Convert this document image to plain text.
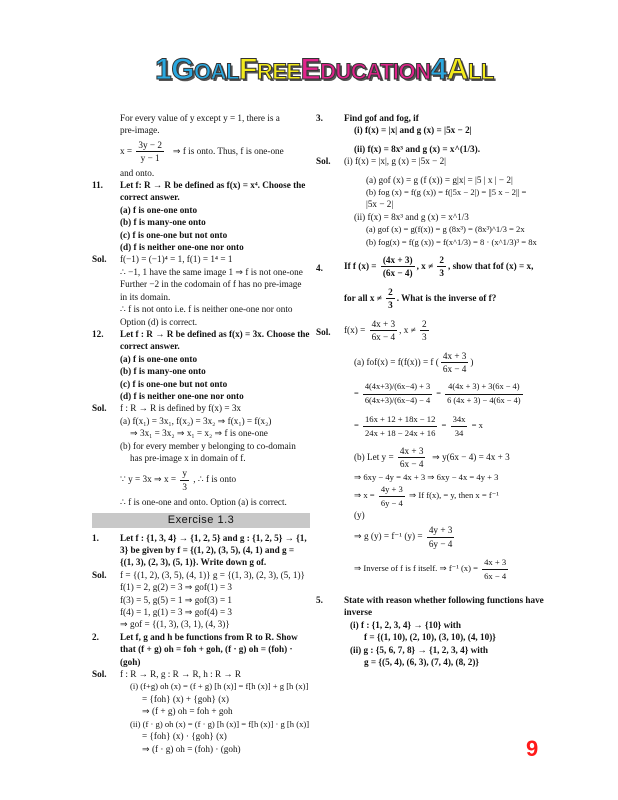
1GOALFREEEDUCATION4ALL
For every value of y except y = 1, there is a
pre-image.
$x = \frac{3y - 2}{y - 1}$ ⇒ f is onto. Thus, f is one-one
and onto.
11.	Let f: R → R be defined as f(x) = x⁴. Choose the correct answer.
(a) f is one-one onto
(b) f is many-one onto
(c) f is one-one but not onto
(d) f is neither one-one nor onto
Sol.	f(−1) = (−1)⁴ = 1, f(1) = 1⁴ = 1
∴ −1, 1 have the same image 1 ⇒ f is not one-one
Further −2 in the codomain of f has no pre-image in its domain.
∴ f is not onto i.e. f is neither one-one nor onto
Option (d) is correct.
12.	Let f : R → R be defined as f(x) = 3x. Choose the correct answer.
(a) f is one-one onto
(b) f is many-one onto
(c) f is one-one but not onto
(d) f is neither one-one nor onto
Sol.	f : R → R is defined by f(x) = 3x
(a) f(x₁) = 3x₁, f(x₂) = 3x₂ ⇒ f(x₁) = f(x₂)
⇒ 3x₁ = 3x₂ ⇒ x₁ = x₂ ⇒ f is one-one
(b) for every member y belonging to co-domain
has pre-image x in domain of f.
∵ y = 3x ⇒ $x = \frac{y}{3}$ , ∴ f is onto
∴ f is one-one and onto. Option (a) is correct.
Exercise 1.3
1.	Let f : {1, 3, 4} → {1, 2, 5} and g : {1, 2, 5} → {1, 3} be given by f = {(1, 2), (3, 5), (4, 1) and g = {(1, 3), (2, 3), (5, 1)}. Write down g of.
Sol.	f = {(1, 2), (3, 5), (4, 1)} g = {(1, 3), (2, 3), (5, 1)}
f(1) = 2, g(2) = 3 ⇒ gof(1) = 3
f(3) = 5, g(5) = 1 ⇒ gof(3) = 1
f(4) = 1, g(1) = 3 ⇒ gof(4) = 3
⇒ gof = {(1, 3), (3, 1), (4, 3)}
2.	Let f, g and h be functions from R to R. Show that (f + g) oh = foh + goh, (f · g) oh = (foh) · (goh)
Sol.	f : R → R, g : R → R, h : R → R
(i) (f+g) oh (x) = (f + g) [h (x)] = f[h (x)] + g [h (x)]
= {foh} (x) + {goh} (x)
⇒ (f + g) oh = foh + goh
(ii) (f · g) oh (x) = (f · g) [h (x)] = f[h (x)] · g [h (x)]
= {foh} (x) · {goh} (x)
⇒ (f · g) oh = (foh) · (goh)
3.	Find gof and fog, if
(i) f(x) = |x| and g (x) = |5x − 2|
(ii) f(x) = 8x³ and g (x) = x^(1/3).
Sol.	(i) f(x) = |x|, g (x) = |5x − 2|
(a) gof (x) = g (f (x)) = g|x| = |5 | x | − 2|
(b) fog (x) = f(g (x)) = f(|5x − 2|) = ||5 x − 2|| =
|5x − 2|
(ii) f(x) = 8x³ and g (x) = x^1/3
(a) gof (x) = g(f(x)) = g (8x³) = (8x³)^1/3 = 2x
(b) fog(x) = f(g (x)) = f(x^1/3) = 8 · (x^1/3)³ = 8x
4.	If f $(x) = \frac{(4x + 3)}{(6x - 4)}$ , $x \ne \frac{2}{3}$ , show that fof (x) = x,
for all $x \ne \frac{2}{3}$ . What is the inverse of f?
Sol.	$f(x) = \frac{4x + 3}{6x - 4}$ , $x \ne \frac{2}{3}$
(a) fof(x) = f(f(x)) = f ( $\frac{4x + 3}{6x - 4}$ )
= $\frac{4(4x+3)/(6x-4) + 3}{6(4x+3)/(6x-4) - 4} = \frac{4(4x + 3) + 3(6x - 4)}{6 (4x + 3) - 4(6x - 4)}$
= $\frac{16x + 12 + 18x - 12}{24x + 18 - 24x + 16} = \frac{34x}{34} = x$
(b) Let $y = \frac{4x + 3}{6x - 4}$ ⇒ y(6x − 4) = 4x + 3
⇒ 6xy − 4y = 4x + 3 ⇒ 6xy − 4x = 4y + 3
⇒ $x = \frac{4y + 3}{6y - 4}$ ⇒ If f(x), = y, then x = f⁻¹
(y)
⇒ g (y) = f⁻¹ $(y) = \frac{4y + 3}{6y - 4}$
⇒ Inverse of f is f itself. ⇒ f⁻¹ $(x) = \frac{4x + 3}{6x - 4}$
5.	State with reason whether following functions have inverse
(i) f : {1, 2, 3, 4} → {10} with
f = {(1, 10), (2, 10), (3, 10), (4, 10)}
(ii) g : {5, 6, 7, 8} → {1, 2, 3, 4} with
g = {(5, 4), (6, 3), (7, 4), (8, 2)}
9
